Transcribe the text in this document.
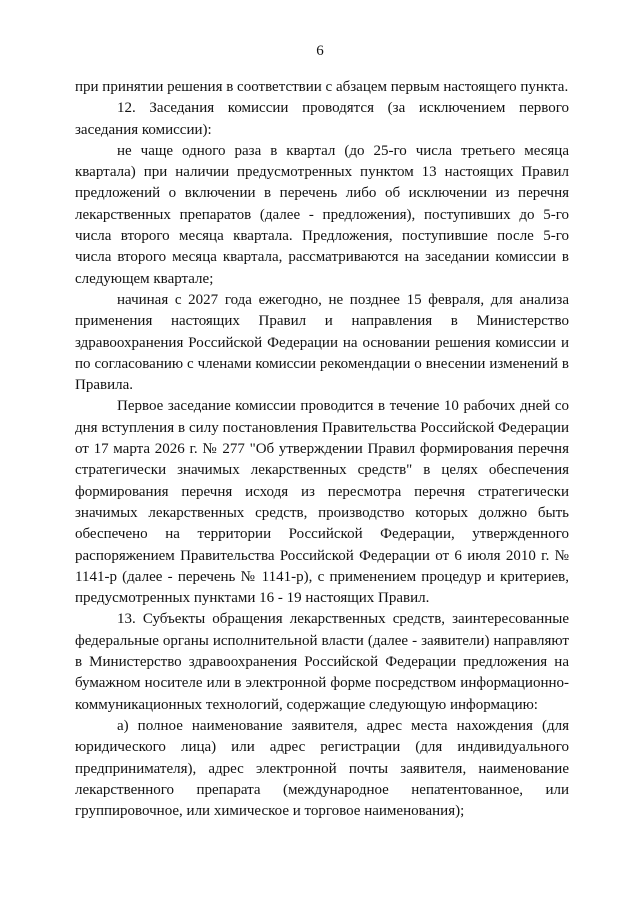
6

при принятии решения в соответствии с абзацем первым настоящего пункта.

12. Заседания комиссии проводятся (за исключением первого заседания комиссии):

не чаще одного раза в квартал (до 25-го числа третьего месяца квартала) при наличии предусмотренных пунктом 13 настоящих Правил предложений о включении в перечень либо об исключении из перечня лекарственных препаратов (далее - предложения), поступивших до 5-го числа второго месяца квартала. Предложения, поступившие после 5-го числа второго месяца квартала, рассматриваются на заседании комиссии в следующем квартале;

начиная с 2027 года ежегодно, не позднее 15 февраля, для анализа применения настоящих Правил и направления в Министерство здравоохранения Российской Федерации на основании решения комиссии и по согласованию с членами комиссии рекомендации о внесении изменений в Правила.

Первое заседание комиссии проводится в течение 10 рабочих дней со дня вступления в силу постановления Правительства Российской Федерации от 17 марта 2026 г. № 277 "Об утверждении Правил формирования перечня стратегически значимых лекарственных средств" в целях обеспечения формирования перечня исходя из пересмотра перечня стратегически значимых лекарственных средств, производство которых должно быть обеспечено на территории Российской Федерации, утвержденного распоряжением Правительства Российской Федерации от 6 июля 2010 г. № 1141-р (далее - перечень № 1141-р), с применением процедур и критериев, предусмотренных пунктами 16 - 19 настоящих Правил.

13. Субъекты обращения лекарственных средств, заинтересованные федеральные органы исполнительной власти (далее - заявители) направляют в Министерство здравоохранения Российской Федерации предложения на бумажном носителе или в электронной форме посредством информационно-коммуникационных технологий, содержащие следующую информацию:

а) полное наименование заявителя, адрес места нахождения (для юридического лица) или адрес регистрации (для индивидуального предпринимателя), адрес электронной почты заявителя, наименование лекарственного препарата (международное непатентованное, или группировочное, или химическое и торговое наименования);
